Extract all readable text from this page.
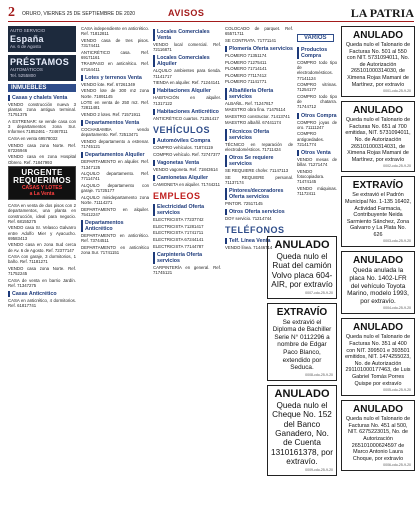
2 ORURO, VIERNES 25 DE SEPTIEMBRE DE 2020	AVISOS	LA PATRIA
AUTO SERVICIO
España
Av. 6 de Agosto
PRÉSTAMOS
AUTOMÁTICOS
Tel. 5255800
INMUEBLES
Casas y chalets Venta
VENDO construcción nueva 3 plantas zona antigua terminal. 71751375
A ESTRENAR: se vende casa con 3 departamentos zona Sur. Informes 71852461 - 72467011
CASA en venta 69578032
VENDO casa zona Norte. Ref. 67226946
VENDO casa en zona Hospital Obrero. Ref. 71847993
URGENTE REQUERIMOS
CASAS Y LOTES
a La Venta
CASA en venta de dos pisos con 2 departamentos, una planta en construcción, ideal para negocio. Ref. 68155275
VENDO casa Sr. Velasco Galvarro entre Adolfo Mier y Ayacucho. 69583413
VENDO casa en zona Sud cerca de Av. 6 de Agosto. Ref. 72377147
CASA con garaje, 3 dormitorios, 1 baño. Ref. 71181271
VENDO casa zona Norte. Ref. 71752245
CASA de venta en barrio Jardín. Ref. 71347275
Casas Anticrético
CASA en anticrético, 4 dormitorios. Ref. 61817741
CASA independiente en anticrético. Ref. 71812811
VENDO casa de tres pisos. 73174411
ANTICRÉTICO casa. Ref. 69171161
TRASPASO en anticrético. Ref. 67164411
Lotes y terrenos Venta
VENDO lote. Ref. 67261349
VENDO lote de 300 m2 zona Norte. 71891145
LOTE en venta de 250 m2. Ref. 72811481
VENDO 2 lotes. Ref. 71571911
Departamentos Venta
COCHABAMBA vendo departamento. Ref. 72513471
VENDO departamento a estrenar. 71745121
Departamentos Alquiler
DEPARTAMENTO en alquiler. Ref. 71347125
ALQUILO departamento. Ref. 77114741
ALQUILO departamento con garaje. 71725177
ALQUILO minidepartamento zona Norte. 71114271
DEPARTAMENTO en alquiler. 75412247
Departamentos Anticrético
DEPARTAMENTO en anticrético. Ref. 73744511
DEPARTAMENTO en anticrético zona Sur. 71741151
Locales Comerciales Venta
VENDO local comercial. Ref. 72116871
Locales Comerciales Alquiler
ALQUILO ambientes para tienda. 71141717
TIENDA en alquiler. Ref. 71244141
Habitaciones Alquiler
HABITACIÓN en alquiler. 71317122
Habitaciones Anticrético
ANTICRÉTICO cuartos. 71251417
VEHÍCULOS
Automóviles Compra
COMPRO vehículos. 71874119
COMPRO vehículo. Ref. 72747377
Vagonetas Venta
VENDO vagoneta. Ref. 71843614
Camionetas Alquiler
CAMIONETA en alquiler. 71744211
EMPLEOS
Electricidad Oferta servicios
ELECTRICISTA 77237742
ELECTRICISTA 71281417
ELECTRICISTA 71741711
ELECTRICISTA 67244141
ELECTRICISTA 77144787
Carpintería Oferta servicios
CARPINTERÍA en general. Ref. 71745121
COLOCADO de parquet. Ref. 65571711
SE CONTRATA. 71771141
Plomería Oferta servicios
PLOMERO 71351174
PLOMERO 71275411
PLOMERO 71714141
PLOMERO 77117412
PLOMERO 71141771
Albañilería Oferta servicios
ALBAÑIL. Ref. 71247817
MAESTRO obra fina. 71475114
MAESTRO constructor. 71413741
MAESTRO albañil. 67441174
Técnicos Oferta servicios
TÉCNICO en reparación de electrodomésticos. 71711424
Otros Se requiere servicios
SE REQUIERE chofer. 71147113
SE REQUIERE personal. 71137174
Pintores/decoradores Oferta servicios
PINTOR. 72517145
Otros Oferta servicios
DOY servicio. 71214744
TELÉFONOS
Telf. Línea Venta
VENDO línea. 71446714
VARIOS
Productos Compra
COMPRO todo tipo de electrodomésticos. 77141124
COMPRO vitrinas. 71254177
COMPRO todo tipo de chatarra. 71744712
Otros Compra
COMPRO joyas de oro. 71111247
COMPRO antigüedades. 72141774
Otros Venta
VENDO mesas de billar. 71271474
VENDO fotocopiadora. 71474145
VENDO máquinas. 71172411
ANULADO
Queda nulo el Ruat del camión Volvo placa 604-AIR, por extravío
0007-cdo-25-9-20
EXTRAVÍO
Se extravió el Diploma de Bachiller Serie N° 0112296 a nombre de Edgar Paco Blanco, extendido por Seduca.
0008-cdo-25-9-20
ANULADO
Queda nulo el Cheque No. 152 del Banco Ganadero, No. de Cuenta 1310161378, por extravío.
0009-cdo-25-9-20
ANULADO
Queda nulo el Talonario de Facturas No. 501 al 550 con NIT. 5731094011, No. de Autorización 265101000314030, de Ximena Rojas Mamani de Martínez, por extravío
0001-cdo-25-9-20
ANULADO
Queda nulo el Talonario de Facturas No. 651 al 700 emitidas, NIT. 5731094011, No. de Autorización 265101000314031, de Ximena Rojas Mamani de Martínez, por extravío
0002-cdo-25-9-20
EXTRAVÍO
Se extravió el Padrón Municipal No. 1-135 16402, Actividad Farmacia, Contribuyente Neida Sarmiento Sánchez, Zona Galvarro y La Plata No. 626
0003-cdo-25-9-20
ANULADO
Queda anulada la placa No. 1402-LFR del vehículo Toyota Marino, modelo 1993, por extravío.
0004-cdo-25-9-20
ANULADO
Queda nulo el Talonario de Facturas No. 351 al 400 con NIT. 399501 e 393501 emitidos, NIT. 1474255023, No. de Autorización 291101000177463, de Luis Gabriel Tomás Porres Quispe por extravío
0005-cdo-25-9-20
ANULADO
Queda nulo el Talonario de Facturas No. 451 al 500, NIT. 6275223015, No. de Autorización 265101000624597 de Marco Antonio Laura Choque, por extravío
0006-cdo-25-9-20
